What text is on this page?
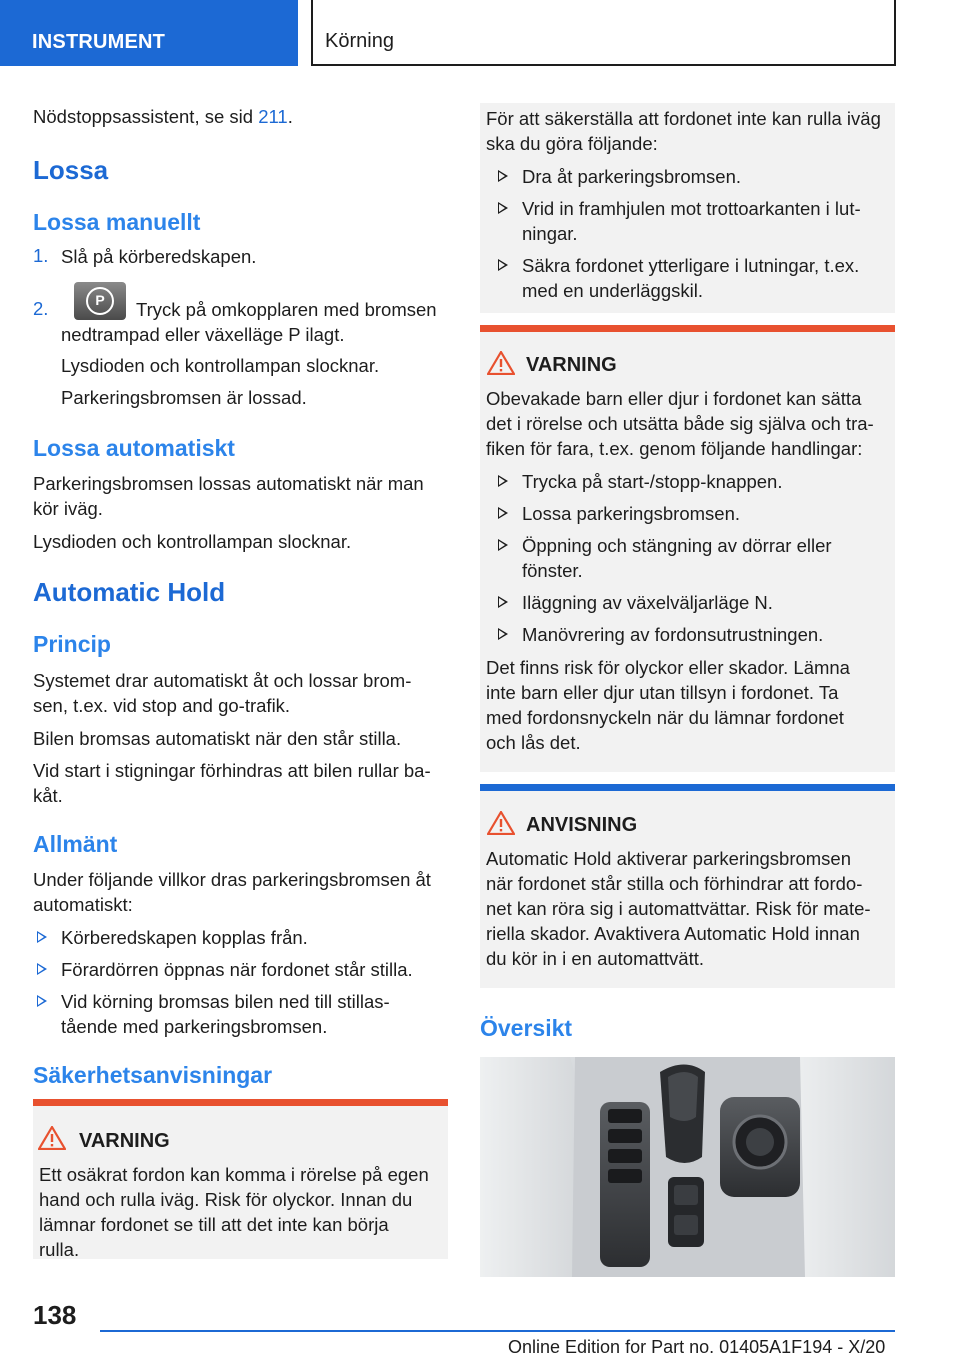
INSTRUMENT	Körning
Nödstoppsassistent, se sid 211.
Lossa
Lossa manuellt
1. Slå på körberedskapen.
2.	P	Tryck på omkopplaren med bromsen
nedtrampad eller växelläge P ilagt.
Lysdioden och kontrollampan slocknar.
Parkeringsbromsen är lossad.
Lossa automatiskt
Parkeringsbromsen lossas automatiskt när man
kör iväg.
Lysdioden och kontrollampan slocknar.
Automatic Hold
Princip
Systemet drar automatiskt åt och lossar brom‐
sen, t.ex. vid stop and go-trafik.
Bilen bromsas automatiskt när den står stilla.
Vid start i stigningar förhindras att bilen rullar ba‐
kåt.
Allmänt
Under följande villkor dras parkeringsbromsen åt
automatiskt:
Körberedskapen kopplas från.
Förardörren öppnas när fordonet står stilla.
Vid körning bromsas bilen ned till stillas‐
tående med parkeringsbromsen.
Säkerhetsanvisningar
VARNING
Ett osäkrat fordon kan komma i rörelse på egen
hand och rulla iväg. Risk för olyckor. Innan du
lämnar fordonet se till att det inte kan börja
rulla.
För att säkerställa att fordonet inte kan rulla iväg
ska du göra följande:
Dra åt parkeringsbromsen.
Vrid in framhjulen mot trottoarkanten i lut‐
ningar.
Säkra fordonet ytterligare i lutningar, t.ex.
med en underläggskil.
VARNING
Obevakade barn eller djur i fordonet kan sätta
det i rörelse och utsätta både sig själva och tra‐
fiken för fara, t.ex. genom följande handlingar:
Trycka på start-/stopp-knappen.
Lossa parkeringsbromsen.
Öppning och stängning av dörrar eller
fönster.
Iläggning av växelväljarläge N.
Manövrering av fordonsutrustningen.
Det finns risk för olyckor eller skador. Lämna
inte barn eller djur utan tillsyn i fordonet. Ta
med fordonsnyckeln när du lämnar fordonet
och lås det.
ANVISNING
Automatic Hold aktiverar parkeringsbromsen
när fordonet står stilla och förhindrar att fordo‐
net kan röra sig i automattvättar. Risk för mate‐
riella skador. Avaktivera Automatic Hold innan
du kör in i en automattvätt.
Översikt
138
Online Edition for Part no. 01405A1F194 - X/20
